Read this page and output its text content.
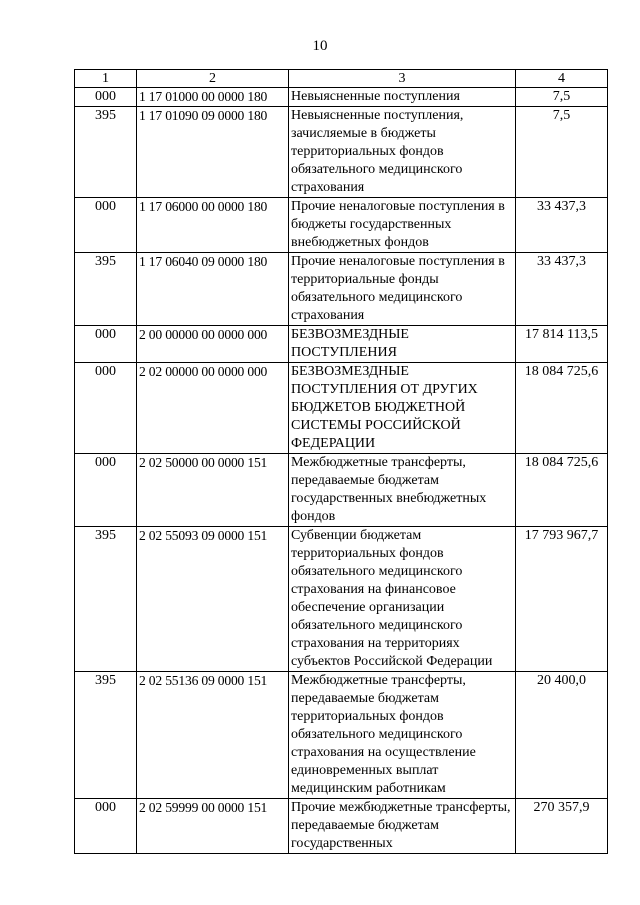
10
1	2	3	4
000	1 17 01000 00 0000 180	Невыясненные поступления	7,5
395	1 17 01090 09 0000 180	Невыясненные поступления, зачисляемые в бюджеты территориальных фондов обязательного медицинского страхования	7,5
000	1 17 06000 00 0000 180	Прочие неналоговые поступления в бюджеты государственных внебюджетных фондов	33 437,3
395	1 17 06040 09 0000 180	Прочие неналоговые поступления в территориальные фонды обязательного медицинского страхования	33 437,3
000	2 00 00000 00 0000 000	БЕЗВОЗМЕЗДНЫЕ ПОСТУПЛЕНИЯ	17 814 113,5
000	2 02 00000 00 0000 000	БЕЗВОЗМЕЗДНЫЕ ПОСТУПЛЕНИЯ ОТ ДРУГИХ БЮДЖЕТОВ БЮДЖЕТНОЙ СИСТЕМЫ РОССИЙСКОЙ ФЕДЕРАЦИИ	18 084 725,6
000	2 02 50000 00 0000 151	Межбюджетные трансферты, передаваемые бюджетам государственных внебюджетных фондов	18 084 725,6
395	2 02 55093 09 0000 151	Субвенции бюджетам территориальных фондов обязательного медицинского страхования на финансовое обеспечение организации обязательного медицинского страхования на территориях субъектов Российской Федерации	17 793 967,7
395	2 02 55136 09 0000 151	Межбюджетные трансферты, передаваемые бюджетам территориальных фондов обязательного медицинского страхования на осуществление единовременных выплат медицинским работникам	20 400,0
000	2 02 59999 00 0000 151	Прочие межбюджетные трансферты, передаваемые бюджетам государственных	270 357,9
